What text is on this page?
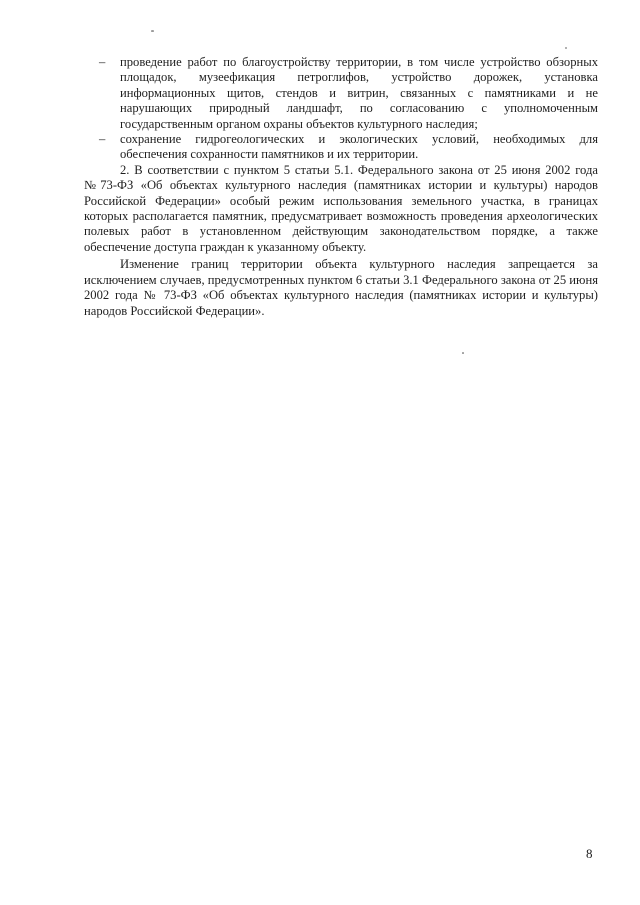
– проведение работ по благоустройству территории, в том числе устройство обзорных площадок, музеефикация петроглифов, устройство дорожек, установка информационных щитов, стендов и витрин, связанных с памятниками и не нарушающих природный ландшафт, по согласованию с уполномоченным государственным органом охраны объектов культурного наследия;

– сохранение гидрогеологических и экологических условий, необходимых для обеспечения сохранности памятников и их территории.

2. В соответствии с пунктом 5 статьи 5.1. Федерального закона от 25 июня 2002 года №73-ФЗ «Об объектах культурного наследия (памятниках истории и культуры) народов Российской Федерации» особый режим использования земельного участка, в границах которых располагается памятник, предусматривает возможность проведения археологических полевых работ в установленном действующим законодательством порядке, а также обеспечение доступа граждан к указанному объекту.

Изменение границ территории объекта культурного наследия запрещается за исключением случаев, предусмотренных пунктом 6 статьи 3.1 Федерального закона от 25 июня 2002 года № 73-ФЗ «Об объектах культурного наследия (памятниках истории и культуры) народов Российской Федерации».

8
